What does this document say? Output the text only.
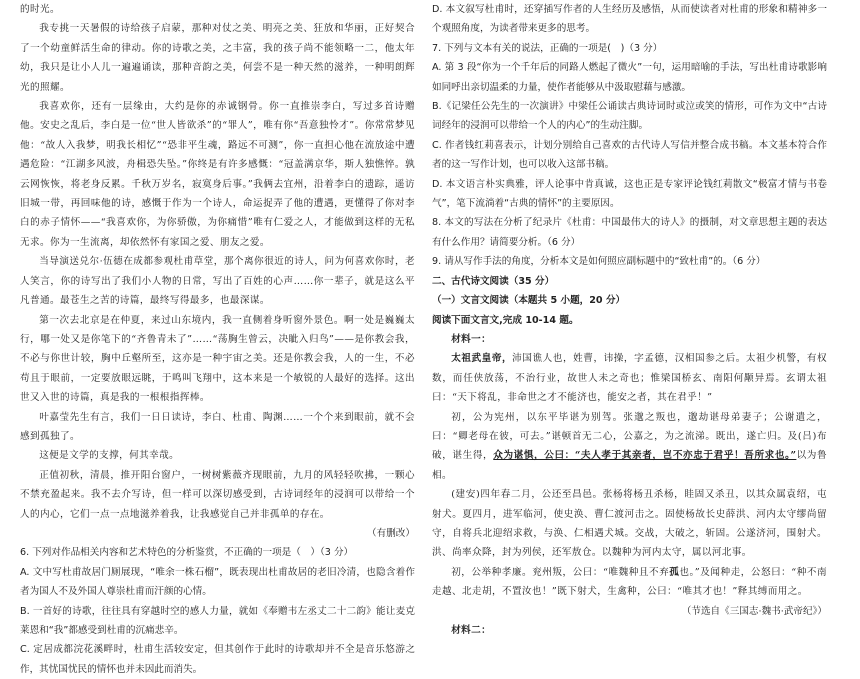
的时光。

我专挑一天暑假的诗给孩子启蒙，那种对仗之美、明亮之美、狂放和华丽，正好契合了一个幼童鲜活生命的律动。你的诗歌之美，之丰富，我的孩子尚不能领略一二，他太年幼，我只是让小人儿一遍遍诵读，那种音韵之美，何尝不是一种天然的滋养，一种明朗辉光的照耀。

我喜欢你，还有一层缘由，大约是你的赤诚钢骨。你一直推崇李白，写过多首诗赠他。安史之乱后，李白是一位“世人皆欲杀”的“罪人”，唯有你“吾意独怜才”。你常常梦见他：“故人入我梦，明我长相忆”“恐非平生魂，路远不可测”，你一直担心他在流放途中遭遇危险：“江湖多风波，舟楫恐失坠。”你终是有许多感慨：“冠盖满京华，斯人独憔悴。孰云网恢恢，将老身反累。千秋万岁名，寂寞身后事。”我俩去宜州，沿着李白的遗踪，遥访旧城一带，再回味他的诗，感慨于作为一个诗人，命运捉弄了他的遭遇，更懂得了你对李白的赤子情怀——“我喜欢你，为你骄傲，为你痛惜”唯有仁爱之人，才能做到这样的无私无求。你为一生流离，却依然怀有家国之爱、朋友之爱。

当导演送兑尔·伍德在成都参观杜甫草堂，那个离你很近的诗人，问为何喜欢你时，老人笑言，你的诗写出了我们小人物的日常，写出了百姓的心声……你一辈子，就是这么平凡普通。最苍生之苦的诗篇，最终写得最多，也最深谋。

第一次去北京是在仲夏，来过山东境内，我一直侧着身听窗外景色。啊一处是巍巍太行，哪一处又是你笔下的“齐鲁青未了”……“荡胸生曾云，决眦入归鸟”——是你教会我，不必与你世计较，胸中丘壑所至，这亦是一种宇宙之美。还是你教会我，人的一生，不必苟且于眼前，一定要放眼远眺，于鸣叫飞翔中，这本来是一个敏锐的人最好的选择。这出世又入世的诗篇，真是我的一根根指挥棒。

叶嘉莹先生有言，我们一日日读诗，李白、杜甫、陶渊……一个个来到眼前，就不会感到孤独了。

这便是文学的支撑，何其幸哉。

正值初秋，清晨，推开阳台窗户，一树树紫薇齐现眼前，九月的风轻轻吹拂，一颗心不禁充盈起来。我不去介写诗，但一样可以深切感受到，古诗词经年的浸润可以带给一个人的内心，它们一点一点地滋养着我，让我感觉自己并非孤单的存在。

（有删改）

6. 下列对作品相关内容和艺术特色的分析鉴赏，不正确的一项是（　）（3 分）

A. 文中写杜甫故居门厕展现，“唯余一株石榴”，既表现出杜甫故居的老旧冷清，也隐含着作者为国人不及外国人尊崇杜甫而汗颜的心情。

B. 一首好的诗歌，往往具有穿越时空的感人力量，就如《奉赠韦左丞丈二十二韵》能让麦克莱恩和“我”都感受到杜甫的沉痛悲辛。

C. 定居成都浣花溪畔时，杜甫生活较安定，但其创作于此时的诗歌却并不全是音乐悠游之作，其忧国忧民的情怀也并未因此而消失。

D. 本文叙写杜甫时，还穿插写作者的人生经历及感悟，从而使读者对杜甫的形象和精神多一个观照角度，为读者带来更多的思考。

7. 下列与文本有关的说法，正确的一项是(　)（3 分）

A. 第 3 段“你为一个千年后的同路人燃起了微火”一句，运用暗喻的手法，写出杜甫诗歌影响如同呼出亲切温柔的力量，使作者能够从中汲取慰藉与感激。

B.《记梁任公先生的一次演讲》中梁任公诵读古典诗词时或泣或笑的情形，可作为文中“古诗词经年的浸润可以带给一个人的内心”的生动注脚。

C. 作者钱红莉喜表示，计划分别给自己喜欢的古代诗人写信并整合成书稿。本文基本符合作者的这一写作计划，也可以收入这部书稿。

D. 本文语言朴实典雅，评人论事中肯真诚，这也正是专家评论钱红莉散文“极富才情与书卷气”，笔下流淌着“古典的情怀”的主要原因。

8. 本文的写法在分析了纪录片《杜甫：中国最伟大的诗人》的摄制，对文章思想主题的表达有什么作用？请简要分析。（6 分）

9. 请从写作手法的角度，分析本文是如何照应副标题中的“致杜甫”的。（6 分）

二、古代诗文阅读（35 分）

（一）文言文阅读（本题共 5 小题，20 分）

阅读下面文言文,完成 10-14 题。

材料一：

太祖武皇帝，沛国谯人也，姓曹，讳操，字孟德，汉相国参之后。太祖少机警，有权数，而任侠放荡，不治行业，故世人未之奇也；惟梁国桥玄、南阳何颙异焉。玄谓太祖曰：“天下将乱，非命世之才不能济也，能安之者，其在君乎！”

初，公为宪州，以东平毕谌为别驾。张邈之叛也，邈劫谌母弟妻子；公谢遣之，曰：“卿老母在彼，可去。”谌顿首无二心，公嘉之，为之流涕。既出，遂亡归。及(吕)布破，谌生得，众为谌惧，公曰：“夫人孝于其亲者，岂不亦忠于君乎！吾所求也。”以为鲁相。

(建安)四年春二月，公还至昌邑。张杨将杨丑杀杨，眭固又杀丑，以其众属袁绍，屯射犬。夏四月，进军临河，使史涣、曹仁渡河击之。固使杨故长史薛洪、河内太守缪尚留守，自将兵北迎绍求救，与涣、仁相遇犬城。交战，大破之，斩固。公遂济河，围射犬。洪、尚率众降，封为列侯，还军敖仓。以魏种为河内太守，属以河北事。

初，公举种孝廉。兖州叛，公曰：“唯魏种且不弃孤也。”及闻种走，公怒曰：“种不南走越、北走胡，不置汝也！”既下射犬，生禽种，公曰：“唯其才也！”释其缚而用之。

（节选自《三国志·魏书·武帝纪》）

材料二：
